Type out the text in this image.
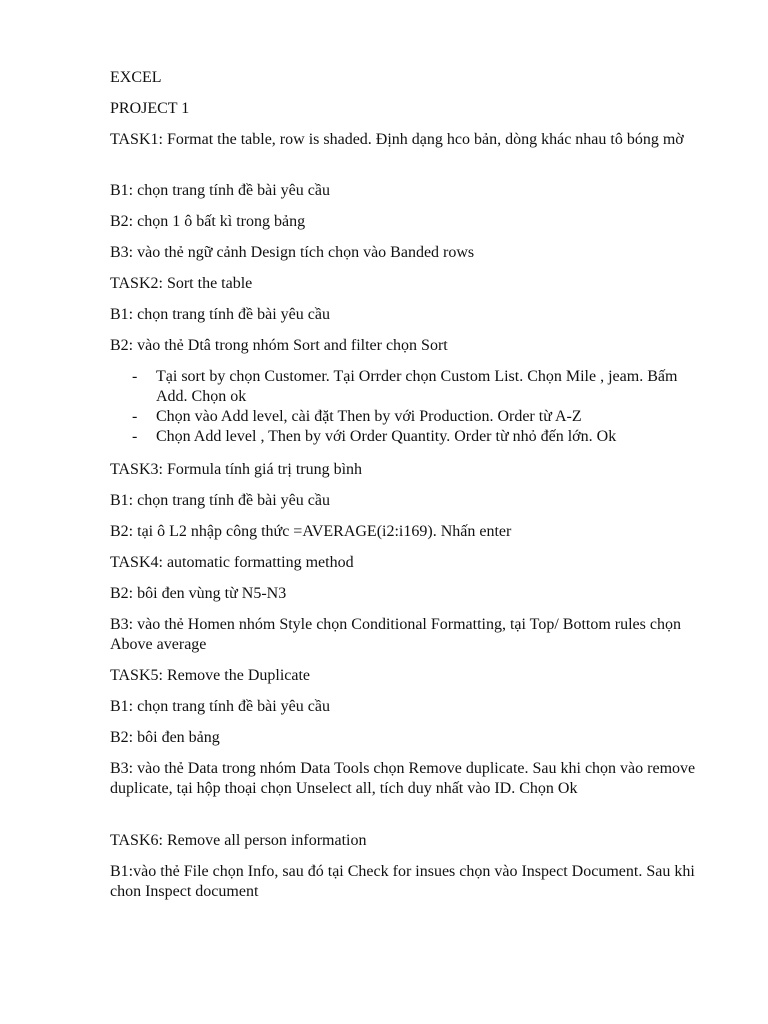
EXCEL

PROJECT 1

TASK1: Format the table, row is shaded. Định dạng hco bản, dòng khác nhau tô bóng mờ

B1: chọn trang tính đề bài yêu cầu

B2: chọn 1 ô bất kì trong bảng

B3: vào thẻ ngữ cảnh Design tích chọn vào Banded rows

TASK2: Sort the table

B1: chọn trang tính đề bài yêu cầu

B2: vào thẻ Dtâ trong nhóm Sort and filter chọn Sort

- Tại sort by chọn Customer. Tại Orrder chọn Custom List. Chọn Mile , jeam. Bấm Add. Chọn ok
- Chọn vào Add level, cài đặt Then by với Production. Order từ A-Z
- Chọn Add level , Then by với Order Quantity. Order từ nhỏ đến lớn. Ok

TASK3: Formula tính giá trị trung bình

B1: chọn trang tính đề bài yêu cầu

B2: tại ô L2 nhập công thức =AVERAGE(i2:i169). Nhấn enter

TASK4: automatic formatting method

B2: bôi đen vùng từ N5-N3

B3: vào thẻ Homen nhóm Style chọn Conditional Formatting, tại Top/ Bottom rules chọn Above average

TASK5: Remove the Duplicate

B1: chọn trang tính đề bài yêu cầu

B2: bôi đen bảng

B3: vào thẻ Data trong nhóm Data Tools chọn Remove duplicate. Sau khi chọn vào remove duplicate, tại hộp thoại chọn Unselect all, tích duy nhất vào ID. Chọn Ok

TASK6: Remove all person information

B1:vào thẻ File chọn Info, sau đó tại Check for insues chọn vào Inspect Document. Sau khi chon Inspect document
